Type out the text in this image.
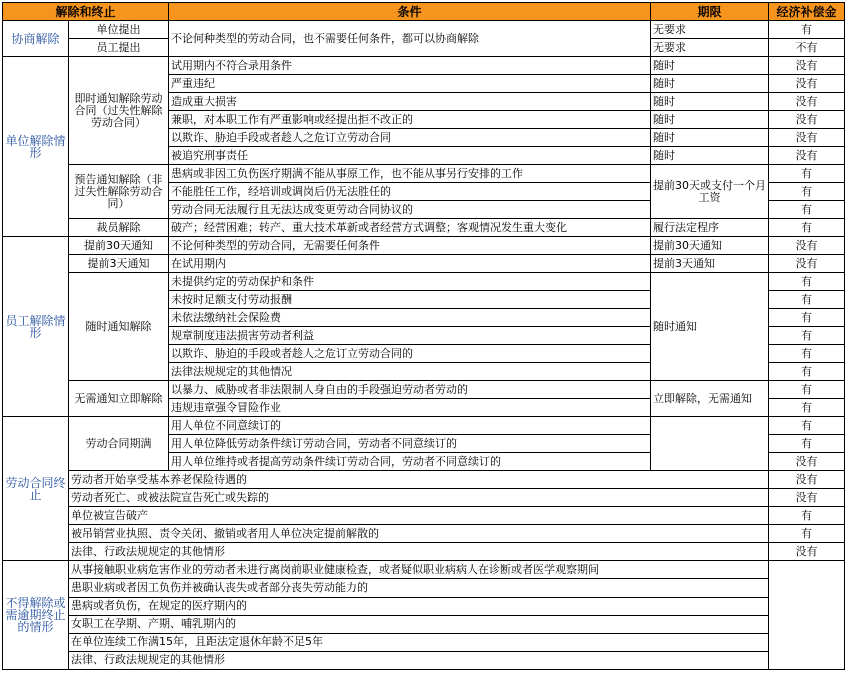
解除和终止		条件	期限	经济补偿金
协商解除	单位提出	不论何种类型的劳动合同，也不需要任何条件，都可以协商解除	无要求	有
	员工提出		无要求	不有
单位解除情形	即时通知解除劳动合同（过失性解除劳动合同）	试用期内不符合录用条件	随时	没有
		严重违纪	随时	没有
		造成重大损害	随时	没有
		兼职，对本职工作有严重影响或经提出拒不改正的	随时	没有
		以欺诈、胁迫手段或者趁人之危订立劳动合同	随时	没有
		被追究刑事责任	随时	没有
	预告通知解除（非过失性解除劳动合同）	患病或非因工负伤医疗期满不能从事原工作，也不能从事另行安排的工作	提前30天或支付一个月工资	有
		不能胜任工作，经培训或调岗后仍无法胜任的		有
		劳动合同无法履行且无法达成变更劳动合同协议的		有
	裁员解除	破产；经营困难；转产、重大技术革新或者经营方式调整；客观情况发生重大变化	履行法定程序	有
员工解除情形	提前30天通知	不论何种类型的劳动合同，无需要任何条件	提前30天通知	没有
	提前3天通知	在试用期内	提前3天通知	没有
	随时通知解除	未提供约定的劳动保护和条件	随时通知	有
		未按时足额支付劳动报酬		有
		未依法缴纳社会保险费		有
		规章制度违法损害劳动者利益		有
		以欺诈、胁迫的手段或者趁人之危订立劳动合同的		有
		法律法规规定的其他情况		有
	无需通知立即解除	以暴力、威胁或者非法限制人身自由的手段强迫劳动者劳动的	立即解除，无需通知	有
		违规违章强令冒险作业		有
劳动合同终止	劳动合同期满	用人单位不同意续订的		有
		用人单位降低劳动条件续订劳动合同，劳动者不同意续订的		有
		用人单位维持或者提高劳动条件续订劳动合同，劳动者不同意续订的		没有
	劳动者开始享受基本养老保险待遇的			没有
	劳动者死亡、或被法院宣告死亡或失踪的			没有
	单位被宣告破产			有
	被吊销营业执照、责令关闭、撤销或者用人单位决定提前解散的			有
	法律、行政法规规定的其他情形			没有
不得解除或需逾期终止的情形	从事接触职业病危害作业的劳动者未进行离岗前职业健康检查，或者疑似职业病病人在诊断或者医学观察期间			
	患职业病或者因工负伤并被确认丧失或者部分丧失劳动能力的			
	患病或者负伤，在规定的医疗期内的			
	女职工在孕期、产期、哺乳期内的			
	在单位连续工作满15年，且距法定退休年龄不足5年			
	法律、行政法规规定的其他情形			
